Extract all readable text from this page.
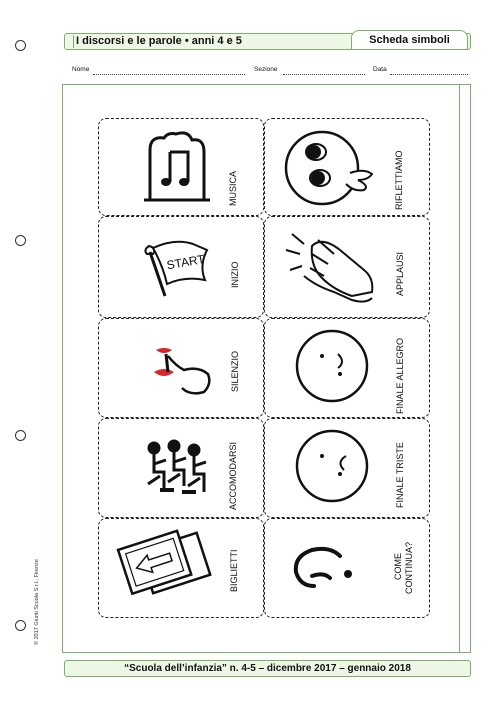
I discorsi e le parole • anni 4 e 5	Scheda simboli
Nome	Sezione	Data
MUSICA	RIFLETTIAMO
START	INIZIO	APPLAUSI
SILENZIO	FINALE ALLEGRO
ACCOMODARSI	FINALE TRISTE
BIGLIETTI	COME CONTINUA?
© 2017 Giunti Scuola S.r.l., Firenze
“Scuola dell’infanzia” n. 4-5 – dicembre 2017 – gennaio 2018
